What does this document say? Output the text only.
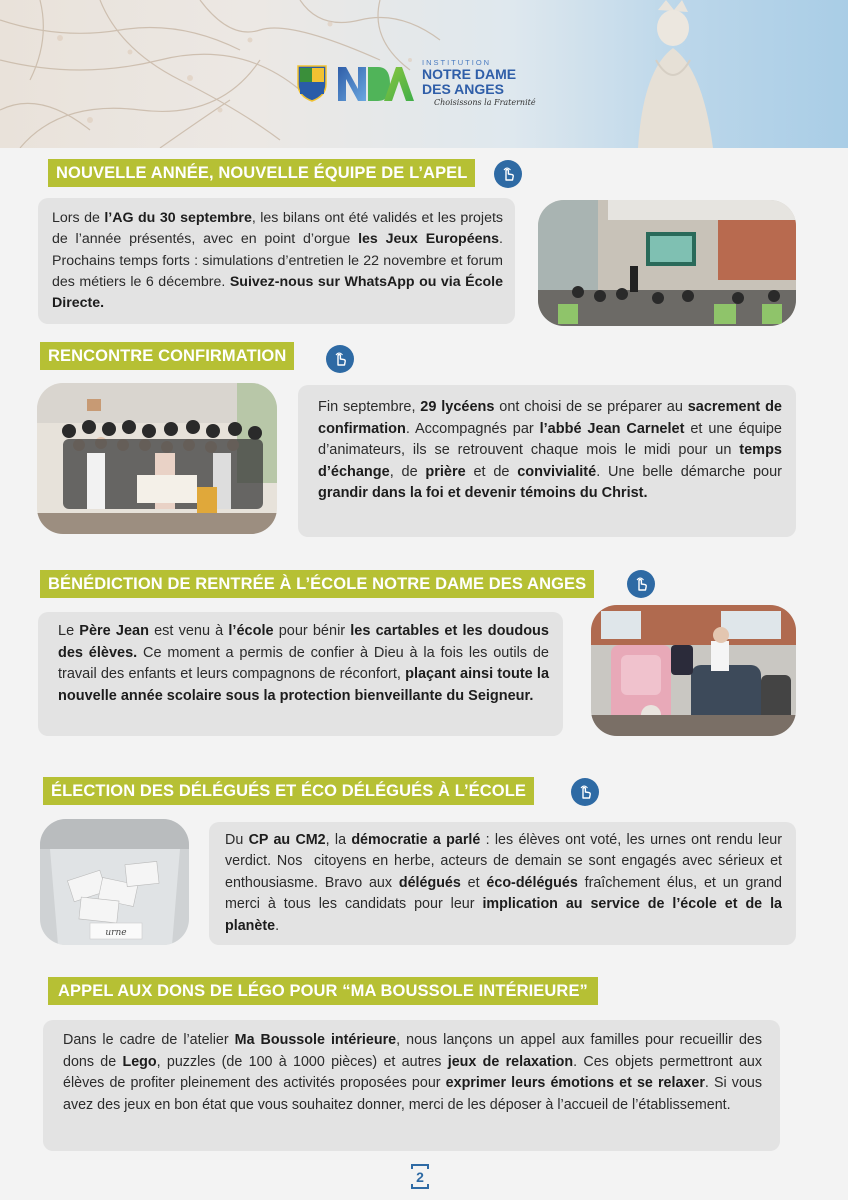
INSTITUTION
NOTRE DAME
DES ANGES
Choisissons la Fraternité
NOUVELLE ANNÉE, NOUVELLE ÉQUIPE DE L’APEL
Lors de l’AG du 30 septembre, les bilans ont été validés et les projets de l’année présentés, avec en point d’orgue les Jeux Européens. Prochains temps forts : simulations d’entretien le 22 novembre et forum des métiers le 6 décembre. Suivez-nous sur WhatsApp ou via École Directe.
RENCONTRE CONFIRMATION
Fin septembre, 29 lycéens ont choisi de se préparer au sacrement de confirmation. Accompagnés par l’abbé Jean Carnelet et une équipe d’animateurs, ils se retrouvent chaque mois le midi pour un temps d’échange, de prière et de convivialité. Une belle démarche pour grandir dans la foi et devenir témoins du Christ.
BÉNÉDICTION DE RENTRÉE À L’ÉCOLE NOTRE DAME DES ANGES
Le Père Jean est venu à l’école pour bénir les cartables et les doudous des élèves. Ce moment a permis de confier à Dieu à la fois les outils de travail des enfants et leurs compagnons de réconfort, plaçant ainsi toute la nouvelle année scolaire sous la protection bienveillante du Seigneur.
ÉLECTION DES DÉLÉGUÉS ET ÉCO DÉLÉGUÉS À L’ÉCOLE
urne
Du CP au CM2, la démocratie a parlé : les élèves ont voté, les urnes ont rendu leur verdict. Nos  citoyens en herbe, acteurs de demain se sont engagés avec sérieux et enthousiasme. Bravo aux délégués et éco-délégués fraîchement élus, et un grand merci à tous les candidats pour leur implication au service de l’école et de la planète.
APPEL AUX DONS DE LÉGO POUR “MA BOUSSOLE INTÉRIEURE”
Dans le cadre de l’atelier Ma Boussole intérieure, nous lançons un appel aux familles pour recueillir des dons de Lego, puzzles (de 100 à 1000 pièces) et autres jeux de relaxation. Ces objets permettront aux élèves de profiter pleinement des activités proposées pour exprimer leurs émotions et se relaxer. Si vous avez des jeux en bon état que vous souhaitez donner, merci de les déposer à l’accueil de l’établissement.
2
